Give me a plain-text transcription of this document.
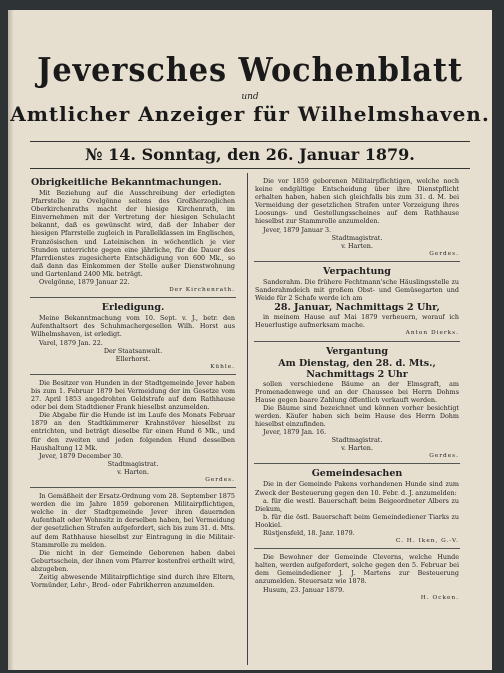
Jeversches Wochenblatt
und
Amtlicher Anzeiger für Wilhelmshaven.
№ 14. Sonntag, den 26. Januar 1879.
Obrigkeitliche Bekanntmachungen.
Mit Beziehung auf die Ausschreibung der erledigten Pfarrstelle zu Ovelgönne seitens des Großherzoglichen Oberkirchenraths macht der hiesige Kirchenrath, im Einvernehmen mit der Vertretung der hiesigen Schulacht bekannt, daß es gewünscht wird, daß der Inhaber der hiesigen Pfarrstelle zugleich in Parallelklassen im Englischen, Französischen und Lateinischen in wöchentlich je vier Stunden unterrichte gegen eine jährliche, für die Dauer des Pfarrdienstes zugesicherte Entschädigung von 600 Mk., so daß dann das Einkommen der Stelle außer Dienstwohnung und Gartenland 2400 Mk. beträgt.
Ovelgönne, 1879 Januar 22.
Der Kirchenrath.
Erledigung.
Meine Bekanntmachung vom 10. Sept. v. J., betr. den Aufenthaltsort des Schuhmachergesellen Wilh. Horst aus Wilhelmshaven, ist erledigt.
Varel, 1879 Jan. 22.
Der Staatsanwalt.
Ellerhorst.
Kühle.
Die Besitzer von Hunden in der Stadtgemeinde Jever haben bis zum 1. Februar 1879 bei Vermeidung der im Gesetze vom 27. April 1853 angedrohten Geldstrafe auf dem Rathhause oder bei dem Stadtdiener Frank hieselbst anzumelden.
Die Abgabe für die Hunde ist im Laufe des Monats Februar 1879 an den Stadtkämmerer Krahnstöver hieselbst zu entrichten, und beträgt dieselbe für einen Hund 6 Mk., und für den zweiten und jeden folgenden Hund desselben Haushaltung 12 Mk.
Jever, 1879 December 30.
Stadtmagistrat.
v. Harten.
Gerdes.
In Gemäßheit der Ersatz-Ordnung vom 28. September 1875 werden die im Jahre 1859 geborenen Militairpflichtigen, welche in der Stadtgemeinde Jever ihren dauernden Aufenthalt oder Wohnsitz in derselben haben, bei Vermeidung der gesetzlichen Strafen aufgefordert, sich bis zum 31. d. Mts. auf dem Rathhause hieselbst zur Eintragung in die Militair-Stammrolle zu melden.
Die nicht in der Gemeinde Geborenen haben dabei Geburtsschein, der ihnen vom Pfarrer kostenfrei ertheilt wird, abzugeben.
Zeitig abwesende Militairpflichtige sind durch ihre Eltern, Vormünder, Lehr-, Brod- oder Fabrikherren anzumelden.
Die vor 1859 geborenen Militairpflichtigen, welche noch keine endgültige Entscheidung über ihre Dienstpflicht erhalten haben, haben sich gleichfalls bis zum 31. d. M. bei Vermeidung der gesetzlichen Strafen unter Vorzeigung ihres Loosungs- und Gestellungsscheines auf dem Rathhause hieselbst zur Stammrolle anzumelden.
Jever, 1879 Januar 3.
Stadtmagistrat.
v. Harten.
Gerdes.
Verpachtung
Sanderahm. Die frühere Fechtmann'sche Häuslingsstelle zu Sanderahmdeich mit großem Obst- und Gemüsegarten und Weide für 2 Schafe werde ich am
28. Januar, Nachmittags 2 Uhr,
in meinem Hause auf Mai 1879 verheuern, worauf ich Heuerlustige aufmerksam mache.
Anton Dierks.
Vergantung
Am Dienstag, den 28. d. Mts., Nachmittags 2 Uhr
sollen verschiedene Bäume an der Elmsgraft, am Promenadenwege und an der Chaussee bei Herrn Dohms Hause gegen baare Zahlung öffentlich verkauft werden.
Die Bäume sind bezeichnet und können vorher besichtigt werden. Käufer haben sich beim Hause des Herrn Dohm hieselbst einzufinden.
Jever, 1879 Jan. 16.
Stadtmagistrat.
v. Harten.
Gerdes.
Gemeindesachen
Die in der Gemeinde Pakens vorhandenen Hunde sind zum Zweck der Besteuerung gegen den 10. Febr. d. J. anzumelden:
a. für die westl. Bauerschaft beim Beigeordneter Albers zu Diekum,
b. für die östl. Bauerschaft beim Gemeindediener Tiarks zu Hookiel.
Rüstjensfeld, 18. Janr. 1879.
C. H. Iken, G.-V.
Die Bewohner der Gemeinde Cleverns, welche Hunde halten, werden aufgefordert, solche gegen den 5. Februar bei dem Gemeindediener J. J. Martens zur Besteuerung anzumelden. Steuersatz wie 1878.
Husum, 23. Januar 1879.
H. Ocken.
